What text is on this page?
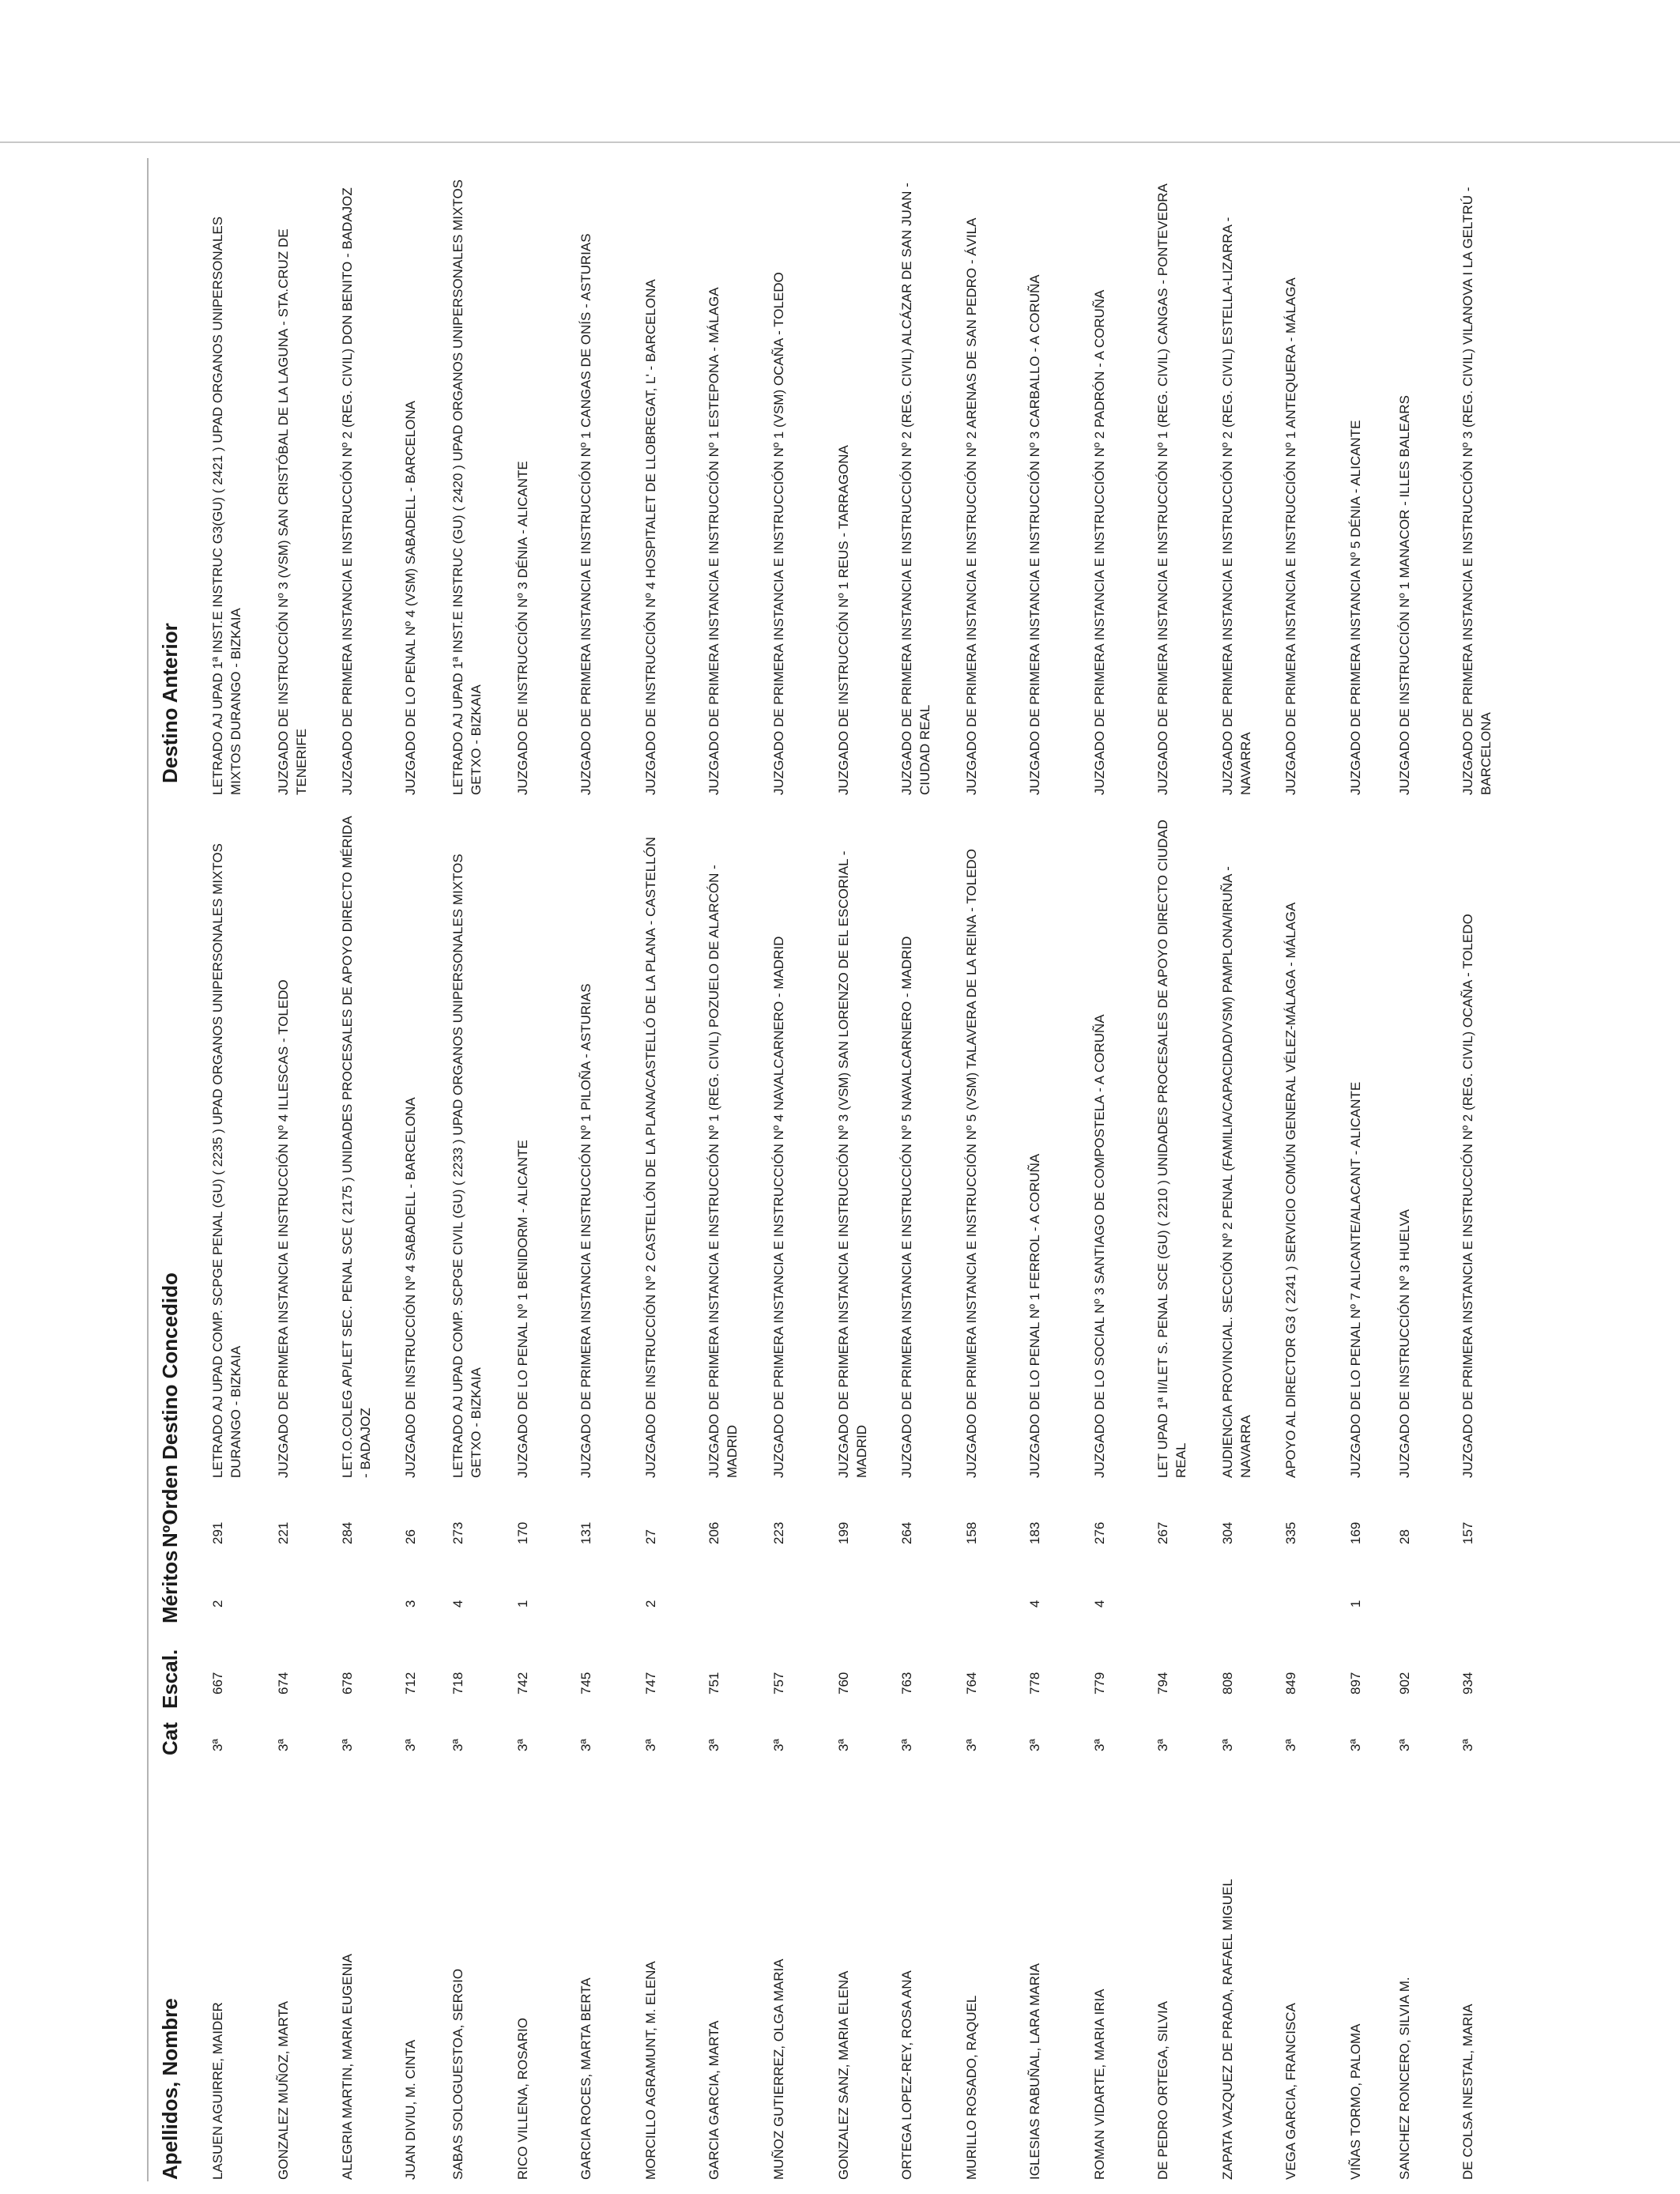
Apellidos, Nombre
Cat
Escal.
Méritos
NºOrden
Destino Concedido
Destino Anterior
LASUEN AGUIRRE, MAIDER
3ª
667
2
291
LETRADO AJ UPAD COMP. SCPGE PENAL (GU) ( 2235 ) UPAD ORGANOS UNIPERSONALES MIXTOS DURANGO - BIZKAIA
LETRADO AJ UPAD 1ª INST.E INSTRUC G3(GU) ( 2421 ) UPAD ORGANOS UNIPERSONALES MIXTOS DURANGO - BIZKAIA
GONZALEZ MUÑOZ, MARTA
3ª
674
221
JUZGADO DE PRIMERA INSTANCIA E INSTRUCCIÓN Nº 4 ILLESCAS - TOLEDO
JUZGADO DE INSTRUCCIÓN Nº 3 (VSM) SAN CRISTÓBAL DE LA LAGUNA - STA.CRUZ DE TENERIFE
ALEGRIA MARTIN, MARIA EUGENIA
3ª
678
284
LET.O.COLEG AP/LET SEC. PENAL SCE ( 2175 ) UNIDADES PROCESALES DE APOYO DIRECTO MÉRIDA - BADAJOZ
JUZGADO DE PRIMERA INSTANCIA E INSTRUCCIÓN Nº 2 (REG. CIVIL) DON BENITO - BADAJOZ
JUAN DIVIU, M. CINTA
3ª
712
3
26
JUZGADO DE INSTRUCCIÓN Nº 4 SABADELL - BARCELONA
JUZGADO DE LO PENAL Nº 4 (VSM) SABADELL - BARCELONA
SABAS SOLOGUESTOA, SERGIO
3ª
718
4
273
LETRADO AJ UPAD COMP. SCPGE CIVIL (GU) ( 2233 ) UPAD ORGANOS UNIPERSONALES MIXTOS GETXO - BIZKAIA
LETRADO AJ UPAD 1ª INST.E INSTRUC (GU) ( 2420 ) UPAD ORGANOS UNIPERSONALES MIXTOS GETXO - BIZKAIA
RICO VILLENA, ROSARIO
3ª
742
1
170
JUZGADO DE LO PENAL Nº 1 BENIDORM - ALICANTE
JUZGADO DE INSTRUCCIÓN Nº 3 DÉNIA - ALICANTE
GARCIA ROCES, MARTA BERTA
3ª
745
131
JUZGADO DE PRIMERA INSTANCIA E INSTRUCCIÓN Nº 1 PILOÑA - ASTURIAS
JUZGADO DE PRIMERA INSTANCIA E INSTRUCCIÓN Nº 1 CANGAS DE ONÍS - ASTURIAS
MORCILLO AGRAMUNT, M. ELENA
3ª
747
2
27
JUZGADO DE INSTRUCCIÓN Nº 2 CASTELLÓN DE LA PLANA/CASTELLÓ DE LA PLANA - CASTELLÓN
JUZGADO DE INSTRUCCIÓN Nº 4 HOSPITALET DE LLOBREGAT, L' - BARCELONA
GARCIA GARCIA, MARTA
3ª
751
206
JUZGADO DE PRIMERA INSTANCIA E INSTRUCCIÓN Nº 1 (REG. CIVIL) POZUELO DE ALARCÓN - MADRID
JUZGADO DE PRIMERA INSTANCIA E INSTRUCCIÓN Nº 1 ESTEPONA - MÁLAGA
MUÑOZ GUTIERREZ, OLGA MARIA
3ª
757
223
JUZGADO DE PRIMERA INSTANCIA E INSTRUCCIÓN Nº 4 NAVALCARNERO - MADRID
JUZGADO DE PRIMERA INSTANCIA E INSTRUCCIÓN Nº 1 (VSM) OCAÑA - TOLEDO
GONZALEZ SANZ, MARIA ELENA
3ª
760
199
JUZGADO DE PRIMERA INSTANCIA E INSTRUCCIÓN Nº 3 (VSM) SAN LORENZO DE EL ESCORIAL - MADRID
JUZGADO DE INSTRUCCIÓN Nº 1 REUS - TARRAGONA
ORTEGA LOPEZ-REY, ROSA ANA
3ª
763
264
JUZGADO DE PRIMERA INSTANCIA E INSTRUCCIÓN Nº 5 NAVALCARNERO - MADRID
JUZGADO DE PRIMERA INSTANCIA E INSTRUCCIÓN Nº 2 (REG. CIVIL) ALCÁZAR DE SAN JUAN - CIUDAD REAL
MURILLO ROSADO, RAQUEL
3ª
764
158
JUZGADO DE PRIMERA INSTANCIA E INSTRUCCIÓN Nº 5 (VSM) TALAVERA DE LA REINA - TOLEDO
JUZGADO DE PRIMERA INSTANCIA E INSTRUCCIÓN Nº 2 ARENAS DE SAN PEDRO - ÁVILA
IGLESIAS RABUÑAL, LARA MARIA
3ª
778
4
183
JUZGADO DE LO PENAL Nº 1 FERROL - A CORUÑA
JUZGADO DE PRIMERA INSTANCIA E INSTRUCCIÓN Nº 3 CARBALLO - A CORUÑA
ROMAN VIDARTE, MARIA IRIA
3ª
779
4
276
JUZGADO DE LO SOCIAL Nº 3 SANTIAGO DE COMPOSTELA - A CORUÑA
JUZGADO DE PRIMERA INSTANCIA E INSTRUCCIÓN Nº 2 PADRÓN - A CORUÑA
DE PEDRO ORTEGA, SILVIA
3ª
794
267
LET UPAD 1ª II/LET S. PENAL SCE (GU) ( 2210 ) UNIDADES PROCESALES DE APOYO DIRECTO CIUDAD REAL
JUZGADO DE PRIMERA INSTANCIA E INSTRUCCIÓN Nº 1 (REG. CIVIL) CANGAS - PONTEVEDRA
ZAPATA VAZQUEZ DE PRADA, RAFAEL MIGUEL
3ª
808
304
AUDIENCIA PROVINCIAL. SECCIÓN Nº 2 PENAL (FAMILIA/CAPACIDAD/VSM) PAMPLONA/IRUÑA - NAVARRA
JUZGADO DE PRIMERA INSTANCIA E INSTRUCCIÓN Nº 2 (REG. CIVIL) ESTELLA-LIZARRA - NAVARRA
VEGA GARCIA, FRANCISCA
3ª
849
335
APOYO AL DIRECTOR G3 ( 2241 ) SERVICIO COMÚN GENERAL VÉLEZ-MÁLAGA - MÁLAGA
JUZGADO DE PRIMERA INSTANCIA E INSTRUCCIÓN Nº 1 ANTEQUERA - MÁLAGA
VIÑAS TORMO, PALOMA
3ª
897
1
169
JUZGADO DE LO PENAL Nº 7 ALICANTE/ALACANT - ALICANTE
JUZGADO DE PRIMERA INSTANCIA Nº 5 DÉNIA - ALICANTE
SANCHEZ RONCERO, SILVIA M.
3ª
902
28
JUZGADO DE INSTRUCCIÓN Nº 3 HUELVA
JUZGADO DE INSTRUCCIÓN Nº 1 MANACOR - ILLES BALEARS
DE COLSA INESTAL, MARIA
3ª
934
157
JUZGADO DE PRIMERA INSTANCIA E INSTRUCCIÓN Nº 2 (REG. CIVIL) OCAÑA - TOLEDO
JUZGADO DE PRIMERA INSTANCIA E INSTRUCCIÓN Nº 3 (REG. CIVIL) VILANOVA I LA GELTRÚ - BARCELONA
